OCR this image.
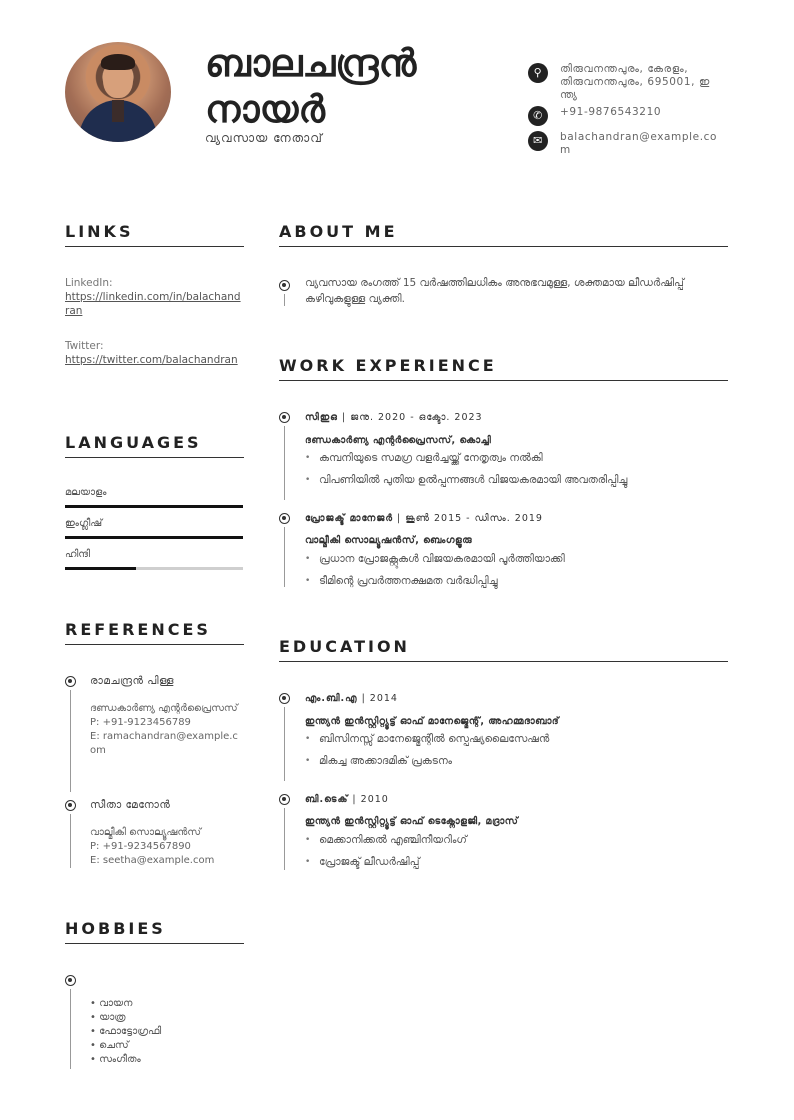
ബാലചന്ദ്രൻ
നായർ
വ്യവസായ നേതാവ്
⚲	തിരുവനന്തപുരം, കേരളം, തിരുവനന്തപുരം, 695001, ഇന്ത്യ
✆	+91-9876543210
✉	balachandran@example.com
LINKS	ABOUT ME
WORK EXPERIENCE
LANGUAGES
REFERENCES
EDUCATION
HOBBIES
LinkedIn:
https://linkedin.com/in/balachandran
Twitter:
https://twitter.com/balachandran
മലയാളം
ഇംഗ്ലീഷ്
ഹിന്ദി
രാമചന്ദ്രൻ പിള്ള
ദണ്ഡകാർണ്യ എന്റർപ്രൈസസ്
P: +91-9123456789
E: ramachandran@example.com
സീതാ മേനോൻ
വാല്മീകി സൊല്യൂഷൻസ്
P: +91-9234567890
E: seetha@example.com
• വായന
• യാത്ര
• ഫോട്ടോഗ്രഫി
• ചെസ്
• സംഗീതം
വ്യവസായ രംഗത്ത് 15 വർഷത്തിലധികം അനുഭവമുള്ള, ശക്തമായ ലീഡർഷിപ്പ് കഴിവുകളുള്ള വ്യക്തി.
സിഇഒ | ജനു. 2020 - ഒക്ടോ. 2023
ദണ്ഡകാർണ്യ എന്റർപ്രൈസസ്, കൊച്ചി
• കമ്പനിയുടെ സമഗ്ര വളർച്ചയ്ക്ക് നേതൃത്വം നൽകി
• വിപണിയിൽ പുതിയ ഉൽപ്പന്നങ്ങൾ വിജയകരമായി അവതരിപ്പിച്ചു
പ്രോജക്ട് മാനേജർ | ജൂൺ 2015 - ഡിസം. 2019
വാല്മീകി സൊല്യൂഷൻസ്, ബെംഗളൂരു
• പ്രധാന പ്രോജക്റ്റുകൾ വിജയകരമായി പൂർത്തിയാക്കി
• ടീമിന്റെ പ്രവർത്തനക്ഷമത വർദ്ധിപ്പിച്ചു
എം.ബി.എ | 2014
ഇന്ത്യൻ ഇൻസ്റ്റിറ്റ്യൂട്ട് ഓഫ് മാനേജ്മെന്റ്, അഹമ്മദാബാദ്
• ബിസിനസ്സ് മാനേജ്മെന്റിൽ സ്പെഷ്യലൈസേഷൻ
• മികച്ച അക്കാദമിക് പ്രകടനം
ബി.ടെക് | 2010
ഇന്ത്യൻ ഇൻസ്റ്റിറ്റ്യൂട്ട് ഓഫ് ടെക്നോളജി, മദ്രാസ്
• മെക്കാനിക്കൽ എഞ്ചിനീയറിംഗ്
• പ്രോജക്ട് ലീഡർഷിപ്പ്
